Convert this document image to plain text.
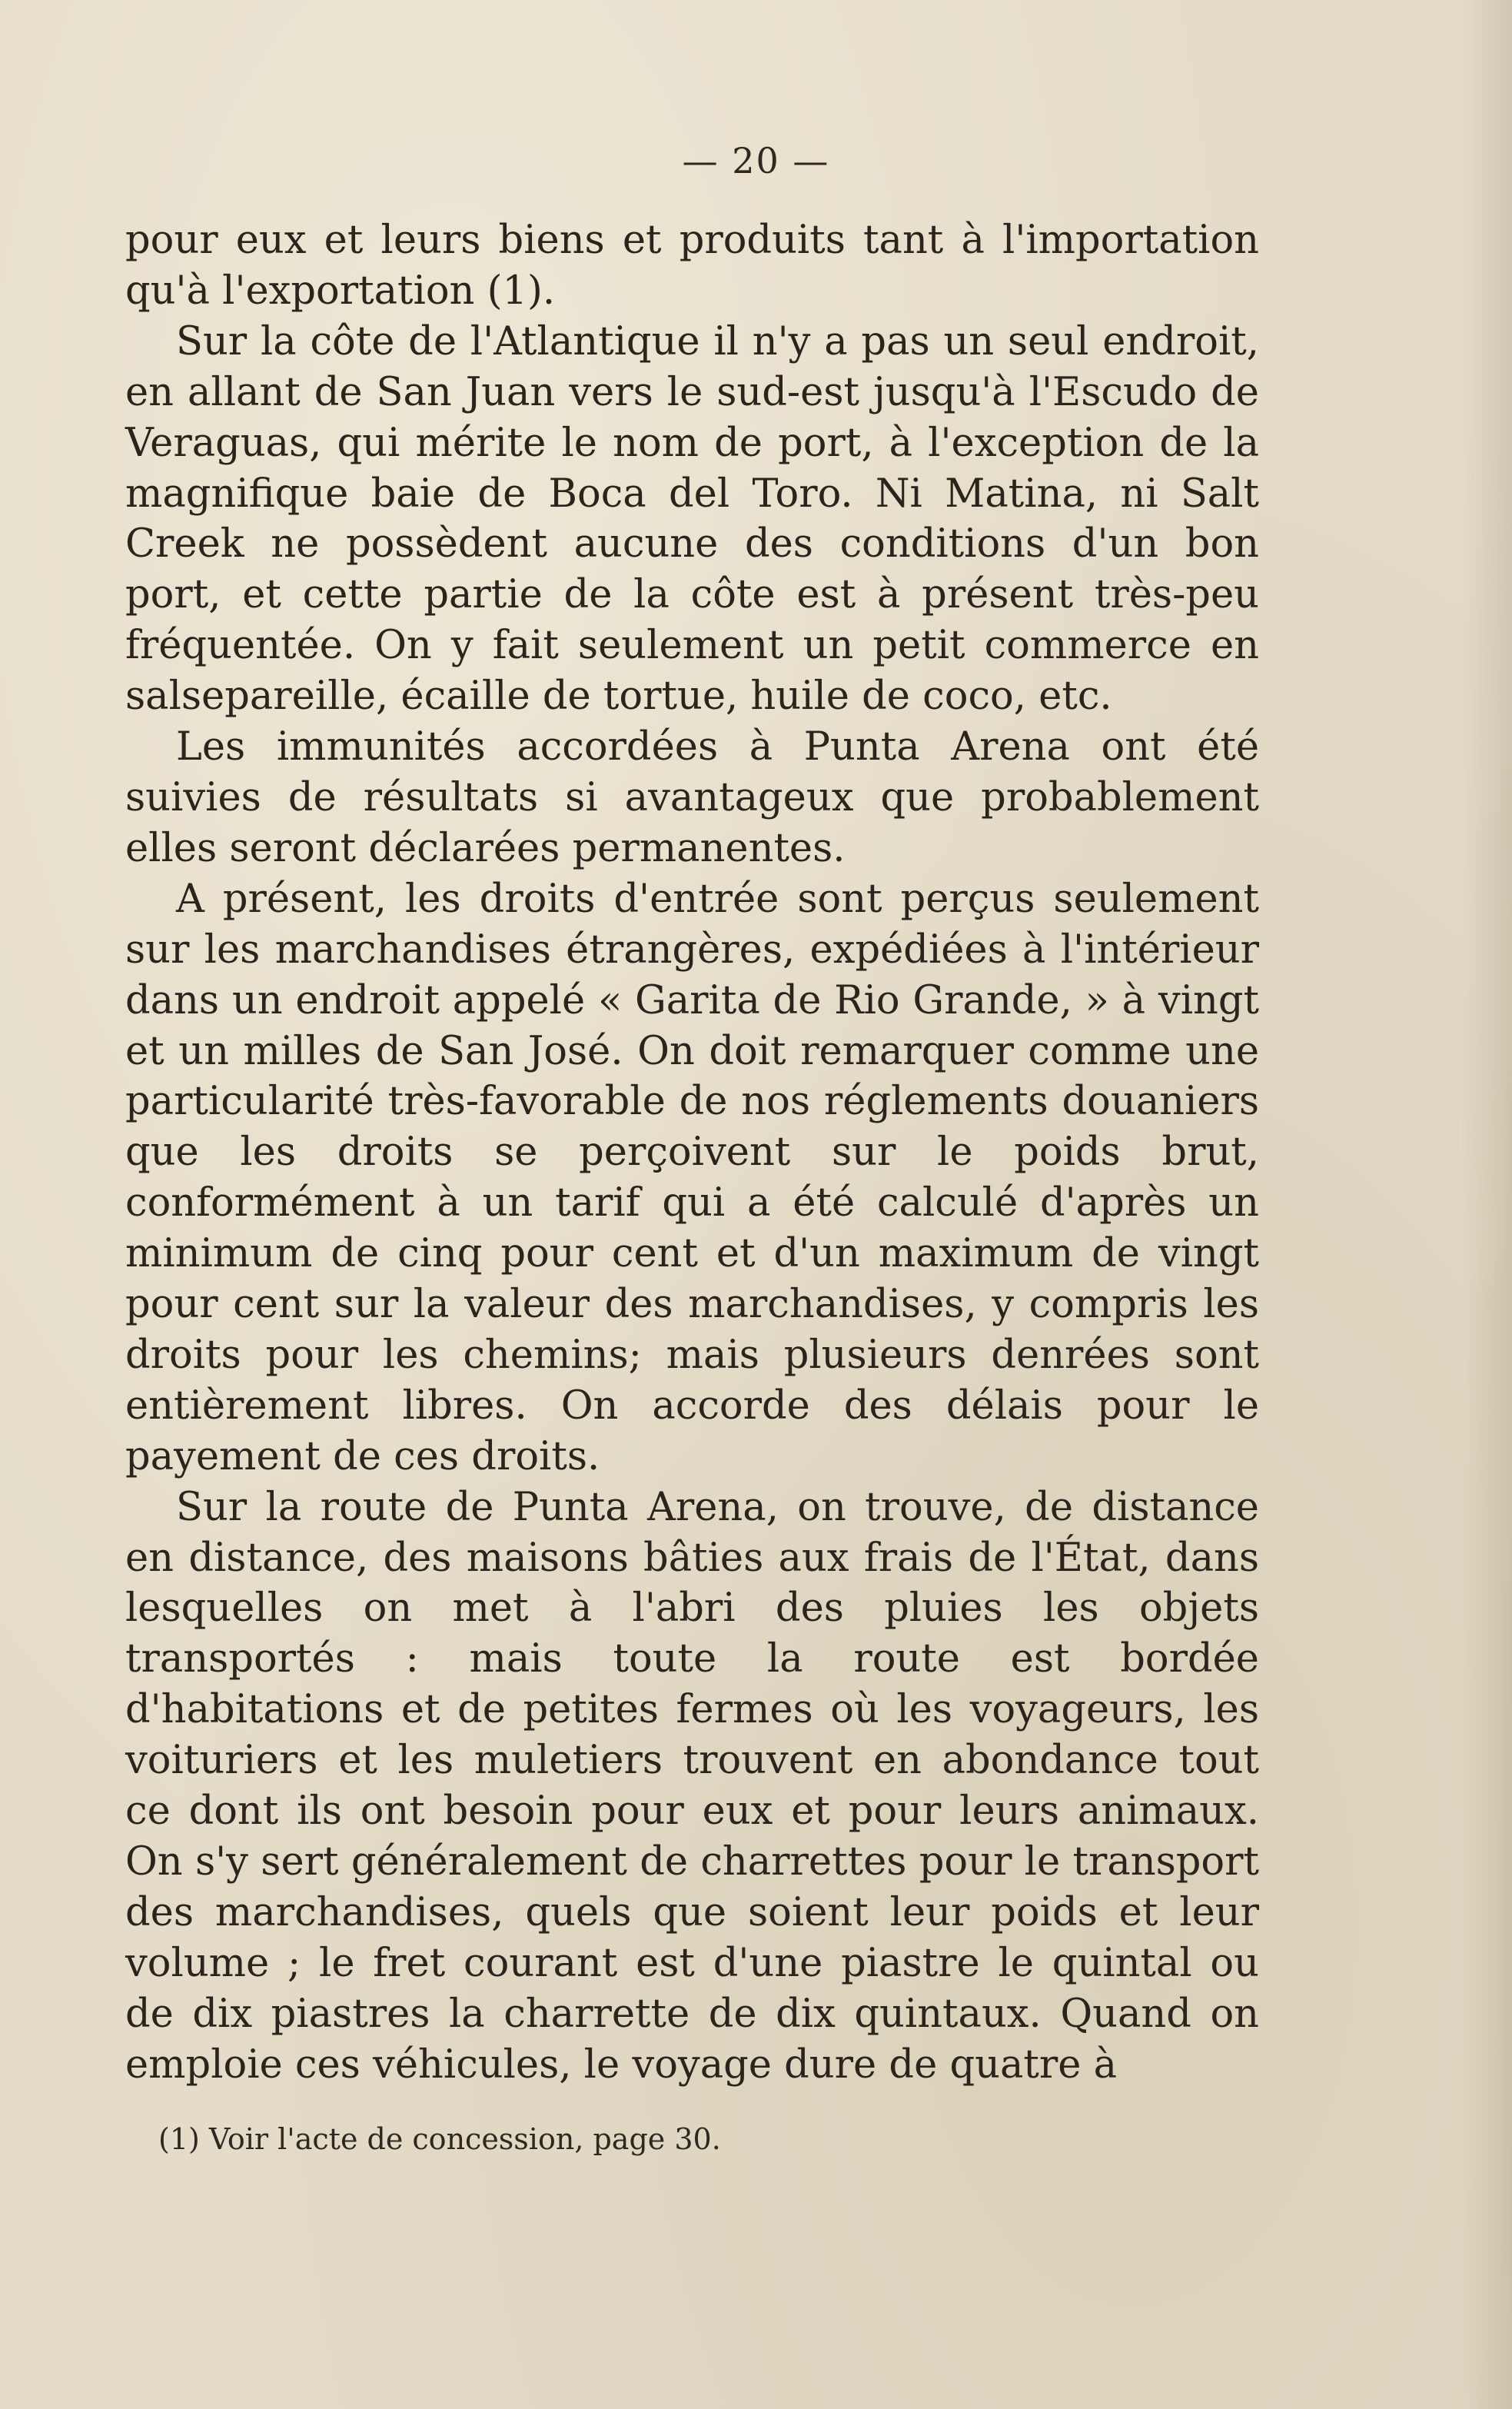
— 20 —

pour eux et leurs biens et produits tant à l'importation qu'à l'exportation (1).

Sur la côte de l'Atlantique il n'y a pas un seul endroit, en allant de San Juan vers le sud-est jusqu'à l'Escudo de Veraguas, qui mérite le nom de port, à l'exception de la magnifique baie de Boca del Toro. Ni Matina, ni Salt Creek ne possèdent aucune des conditions d'un bon port, et cette partie de la côte est à présent très-peu fréquentée. On y fait seulement un petit commerce en salsepareille, écaille de tortue, huile de coco, etc.

Les immunités accordées à Punta Arena ont été suivies de résultats si avantageux que probablement elles seront déclarées permanentes.

A présent, les droits d'entrée sont perçus seulement sur les marchandises étrangères, expédiées à l'intérieur dans un endroit appelé « Garita de Rio Grande, » à vingt et un milles de San José. On doit remarquer comme une particularité très-favorable de nos réglements douaniers que les droits se perçoivent sur le poids brut, conformément à un tarif qui a été calculé d'après un minimum de cinq pour cent et d'un maximum de vingt pour cent sur la valeur des marchandises, y compris les droits pour les chemins; mais plusieurs denrées sont entièrement libres. On accorde des délais pour le payement de ces droits.

Sur la route de Punta Arena, on trouve, de distance en distance, des maisons bâties aux frais de l'État, dans lesquelles on met à l'abri des pluies les objets transportés : mais toute la route est bordée d'habitations et de petites fermes où les voyageurs, les voituriers et les muletiers trouvent en abondance tout ce dont ils ont besoin pour eux et pour leurs animaux. On s'y sert généralement de charrettes pour le transport des marchandises, quels que soient leur poids et leur volume ; le fret courant est d'une piastre le quintal ou de dix piastres la charrette de dix quintaux. Quand on emploie ces véhicules, le voyage dure de quatre à

(1) Voir l'acte de concession, page 30.
